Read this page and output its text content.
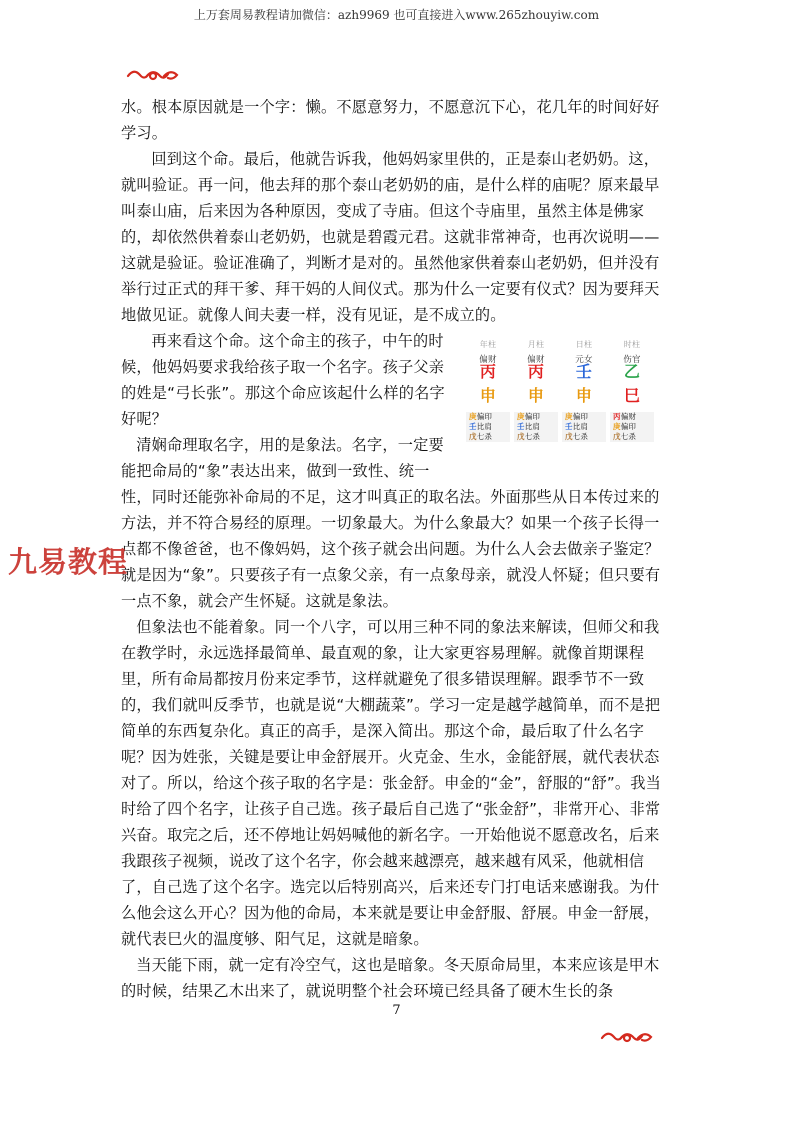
上万套周易教程请加微信：azh9969 也可直接进入www.265zhouyiw.com

水。根本原因就是一个字：懒。不愿意努力，不愿意沉下心，花几年的时间好好学习。

回到这个命。最后，他就告诉我，他妈妈家里供的，正是泰山老奶奶。这，就叫验证。再一问，他去拜的那个泰山老奶奶的庙，是什么样的庙呢？原来最早叫泰山庙，后来因为各种原因，变成了寺庙。但这个寺庙里，虽然主体是佛家的，却依然供着泰山老奶奶，也就是碧霞元君。这就非常神奇，也再次说明——这就是验证。验证准确了，判断才是对的。虽然他家供着泰山老奶奶，但并没有举行过正式的拜干爹、拜干妈的人间仪式。那为什么一定要有仪式？因为要拜天地做见证。就像人间夫妻一样，没有见证，是不成立的。

年柱
偏财
丙
申
庚偏印
壬比肩
戊七杀
月柱
偏财
丙
申
庚偏印
壬比肩
戊七杀
日柱
元女
壬
申
庚偏印
壬比肩
戊七杀
时柱
伤官
乙
巳
丙偏财
庚偏印
戊七杀

再来看这个命。这个命主的孩子，中午的时候，他妈妈要求我给孩子取一个名字。孩子父亲的姓是“弓长张”。那这个命应该起什么样的名字好呢？

清娴命理取名字，用的是象法。名字，一定要能把命局的“象”表达出来，做到一致性、统一性，同时还能弥补命局的不足，这才叫真正的取名法。外面那些从日本传过来的方法，并不符合易经的原理。一切象最大。为什么象最大？如果一个孩子长得一点都不像爸爸，也不像妈妈，这个孩子就会出问题。为什么人会去做亲子鉴定？就是因为“象”。只要孩子有一点象父亲，有一点象母亲，就没人怀疑；但只要有一点不象，就会产生怀疑。这就是象法。

但象法也不能着象。同一个八字，可以用三种不同的象法来解读，但师父和我在教学时，永远选择最简单、最直观的象，让大家更容易理解。就像首期课程里，所有命局都按月份来定季节，这样就避免了很多错误理解。跟季节不一致的，我们就叫反季节，也就是说“大棚蔬菜”。学习一定是越学越简单，而不是把简单的东西复杂化。真正的高手，是深入简出。那这个命，最后取了什么名字呢？因为姓张，关键是要让申金舒展开。火克金、生水，金能舒展，就代表状态对了。所以，给这个孩子取的名字是：张金舒。申金的“金”，舒服的“舒”。我当时给了四个名字，让孩子自己选。孩子最后自己选了“张金舒”，非常开心、非常兴奋。取完之后，还不停地让妈妈喊他的新名字。一开始他说不愿意改名，后来我跟孩子视频，说改了这个名字，你会越来越漂亮，越来越有风采，他就相信了，自己选了这个名字。选完以后特别高兴，后来还专门打电话来感谢我。为什么他会这么开心？因为他的命局，本来就是要让申金舒服、舒展。申金一舒展，就代表巳火的温度够、阳气足，这就是暗象。

当天能下雨，就一定有冷空气，这也是暗象。冬天原命局里，本来应该是甲木的时候，结果乙木出来了，就说明整个社会环境已经具备了硬木生长的条

九易教程
7
